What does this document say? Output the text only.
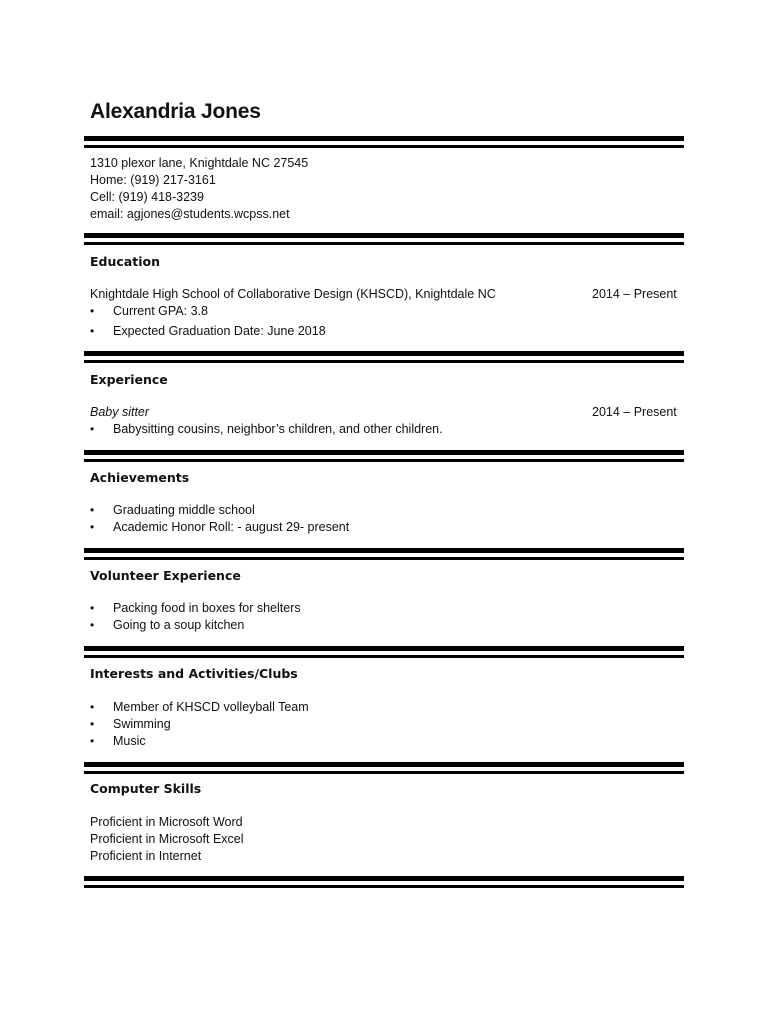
Alexandria Jones
1310 plexor lane, Knightdale NC 27545
Home: (919) 217-3161
Cell: (919) 418-3239
email: agjones@students.wcpss.net
Education
Knightdale High School of Collaborative Design (KHSCD), Knightdale NC	2014 – Present
• Current GPA: 3.8
• Expected Graduation Date: June 2018
Experience
Baby sitter	2014 – Present
• Babysitting cousins, neighbor’s children, and other children.
Achievements
• Graduating middle school
• Academic Honor Roll: - august 29- present
Volunteer Experience
• Packing food in boxes for shelters
• Going to a soup kitchen
Interests and Activities/Clubs
• Member of KHSCD volleyball Team
• Swimming
• Music
Computer Skills
Proficient in Microsoft Word
Proficient in Microsoft Excel
Proficient in Internet
